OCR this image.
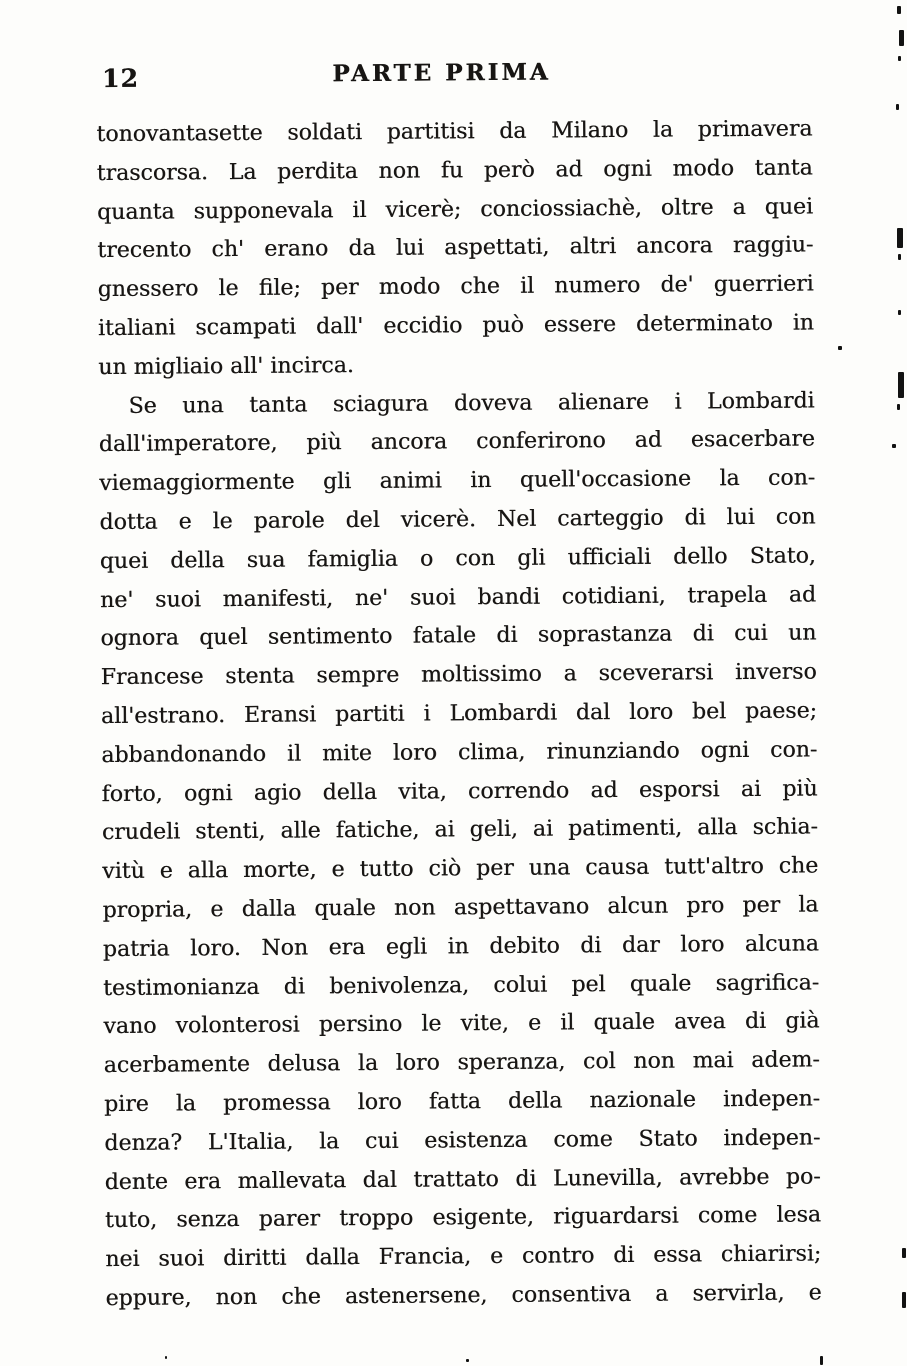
12	PARTE PRIMA
tonovantasette soldati partitisi da Milano la primavera
trascorsa. La perdita non fu però ad ogni modo tanta
quanta supponevala il vicerè; conciossiachè, oltre a quei
trecento ch' erano da lui aspettati, altri ancora raggiu-
gnessero le file; per modo che il numero de' guerrieri
italiani scampati dall' eccidio può essere determinato in
un migliaio all' incirca.
Se una tanta sciagura doveva alienare i Lombardi
dall'imperatore, più ancora conferirono ad esacerbare
viemaggiormente gli animi in quell'occasione la con-
dotta e le parole del vicerè. Nel carteggio di lui con
quei della sua famiglia o con gli ufficiali dello Stato,
ne' suoi manifesti, ne' suoi bandi cotidiani, trapela ad
ognora quel sentimento fatale di soprastanza di cui un
Francese stenta sempre moltissimo a sceverarsi inverso
all'estrano. Eransi partiti i Lombardi dal loro bel paese;
abbandonando il mite loro clima, rinunziando ogni con-
forto, ogni agio della vita, correndo ad esporsi ai più
crudeli stenti, alle fatiche, ai geli, ai patimenti, alla schia-
vitù e alla morte, e tutto ciò per una causa tutt'altro che
propria, e dalla quale non aspettavano alcun pro per la
patria loro. Non era egli in debito di dar loro alcuna
testimonianza di benivolenza, colui pel quale sagrifica-
vano volonterosi persino le vite, e il quale avea di già
acerbamente delusa la loro speranza, col non mai adem-
pire la promessa loro fatta della nazionale indepen-
denza? L'Italia, la cui esistenza come Stato indepen-
dente era mallevata dal trattato di Lunevilla, avrebbe po-
tuto, senza parer troppo esigente, riguardarsi come lesa
nei suoi diritti dalla Francia, e contro di essa chiarirsi;
eppure, non che astenersene, consentiva a servirla, e
